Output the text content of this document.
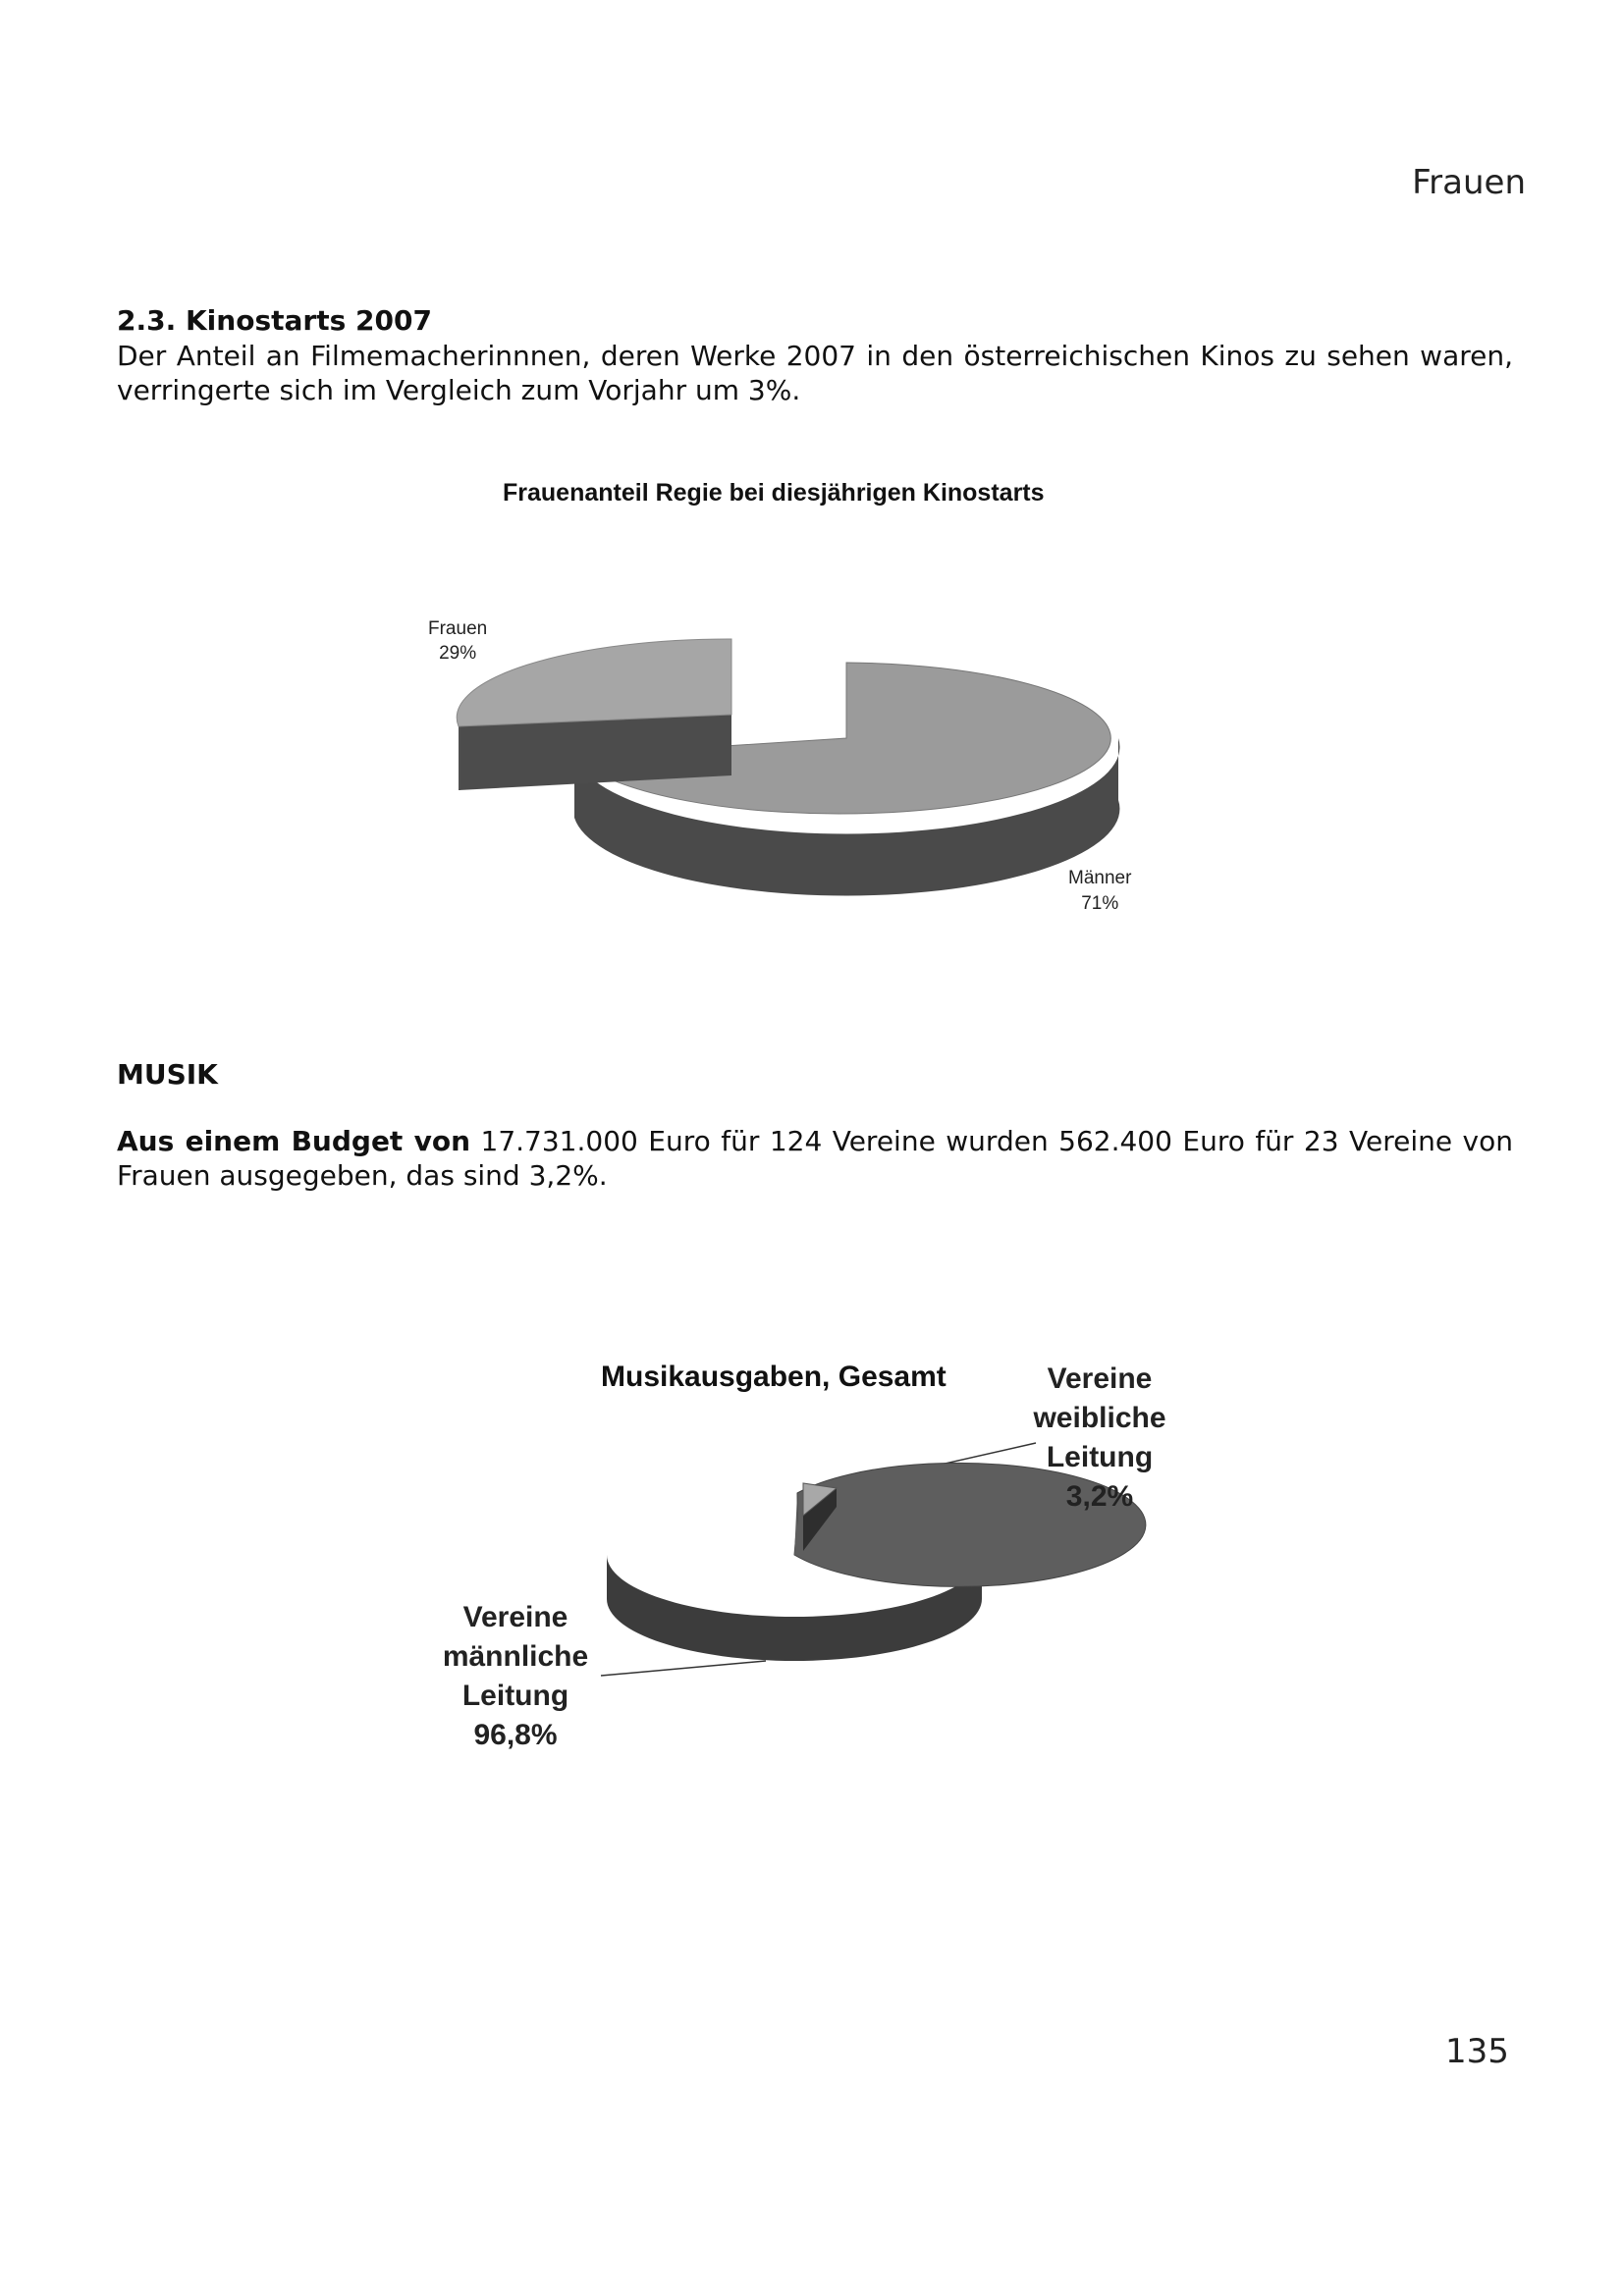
Frauen
2.3. Kinostarts 2007
Der Anteil an Filmemacherinnnen, deren Werke 2007 in den österreichischen Kinos zu sehen waren, verringerte sich im Vergleich zum Vorjahr um 3%.
Frauenanteil Regie bei diesjährigen Kinostarts
Frauen
29%
Männer
71%
MUSIK
Aus einem Budget von 17.731.000 Euro für 124 Vereine wurden 562.400 Euro für 23 Vereine von Frauen ausgegeben, das sind 3,2%.
Musikausgaben, Gesamt	Vereine
weibliche
Leitung
3,2%
Vereine
männliche
Leitung
96,8%
135
